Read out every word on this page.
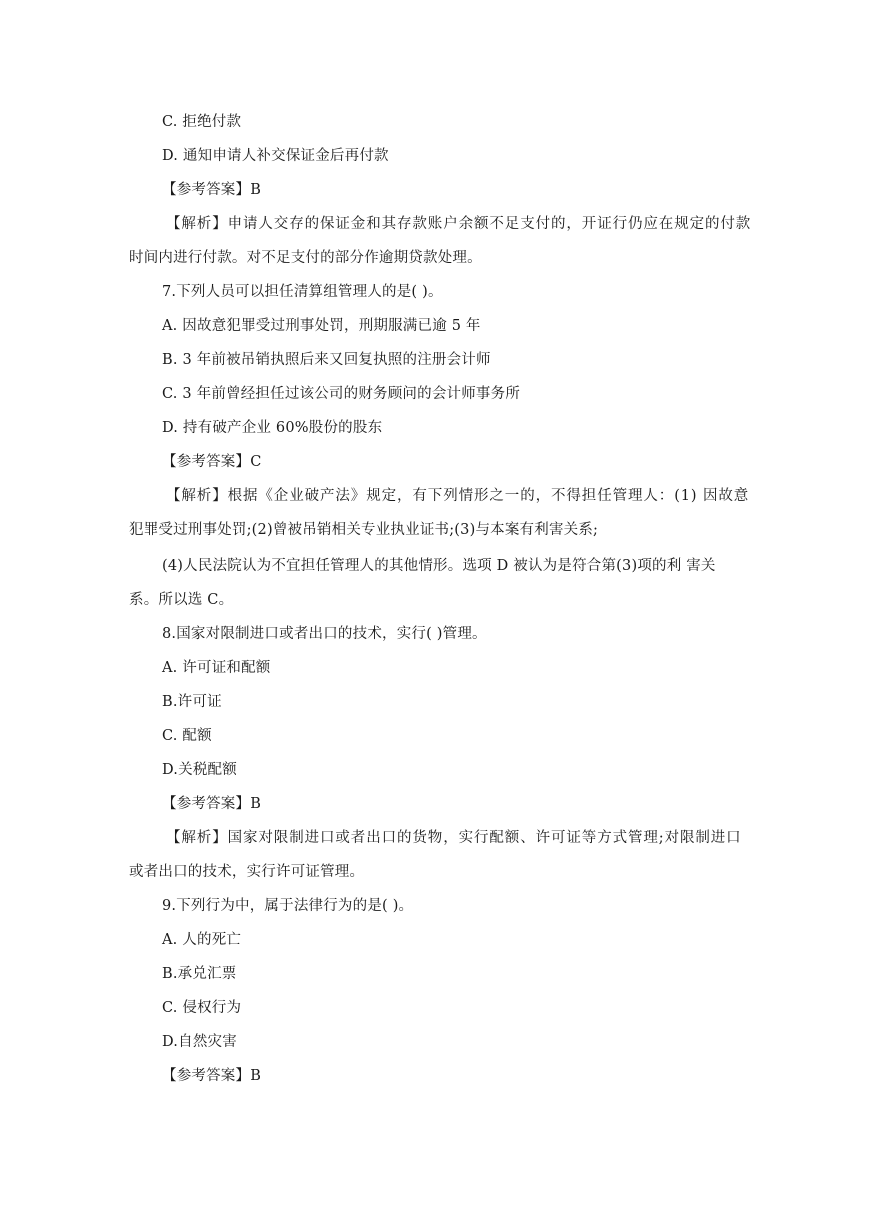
C. 拒绝付款
D. 通知申请人补交保证金后再付款
【参考答案】B
【解析】申请人交存的保证金和其存款账户余额不足支付的，开证行仍应在规定的付款
时间内进行付款。对不足支付的部分作逾期贷款处理。
7.下列人员可以担任清算组管理人的是( )。
A. 因故意犯罪受过刑事处罚，刑期服满已逾 5 年
B. 3 年前被吊销执照后来又回复执照的注册会计师
C. 3 年前曾经担任过该公司的财务顾问的会计师事务所
D. 持有破产企业 60%股份的股东
【参考答案】C
【解析】根据《企业破产法》规定，有下列情形之一的，不得担任管理人：(1) 因故意
犯罪受过刑事处罚;(2)曾被吊销相关专业执业证书;(3)与本案有利害关系;
(4)人民法院认为不宜担任管理人的其他情形。选项 D 被认为是符合第(3)项的利 害关
系。所以选 C。
8.国家对限制进口或者出口的技术，实行( )管理。
A. 许可证和配额
B.许可证
C. 配额
D.关税配额
【参考答案】B
【解析】国家对限制进口或者出口的货物，实行配额、许可证等方式管理;对限制进口
或者出口的技术，实行许可证管理。
9.下列行为中，属于法律行为的是( )。
A. 人的死亡
B.承兑汇票
C. 侵权行为
D.自然灾害
【参考答案】B
